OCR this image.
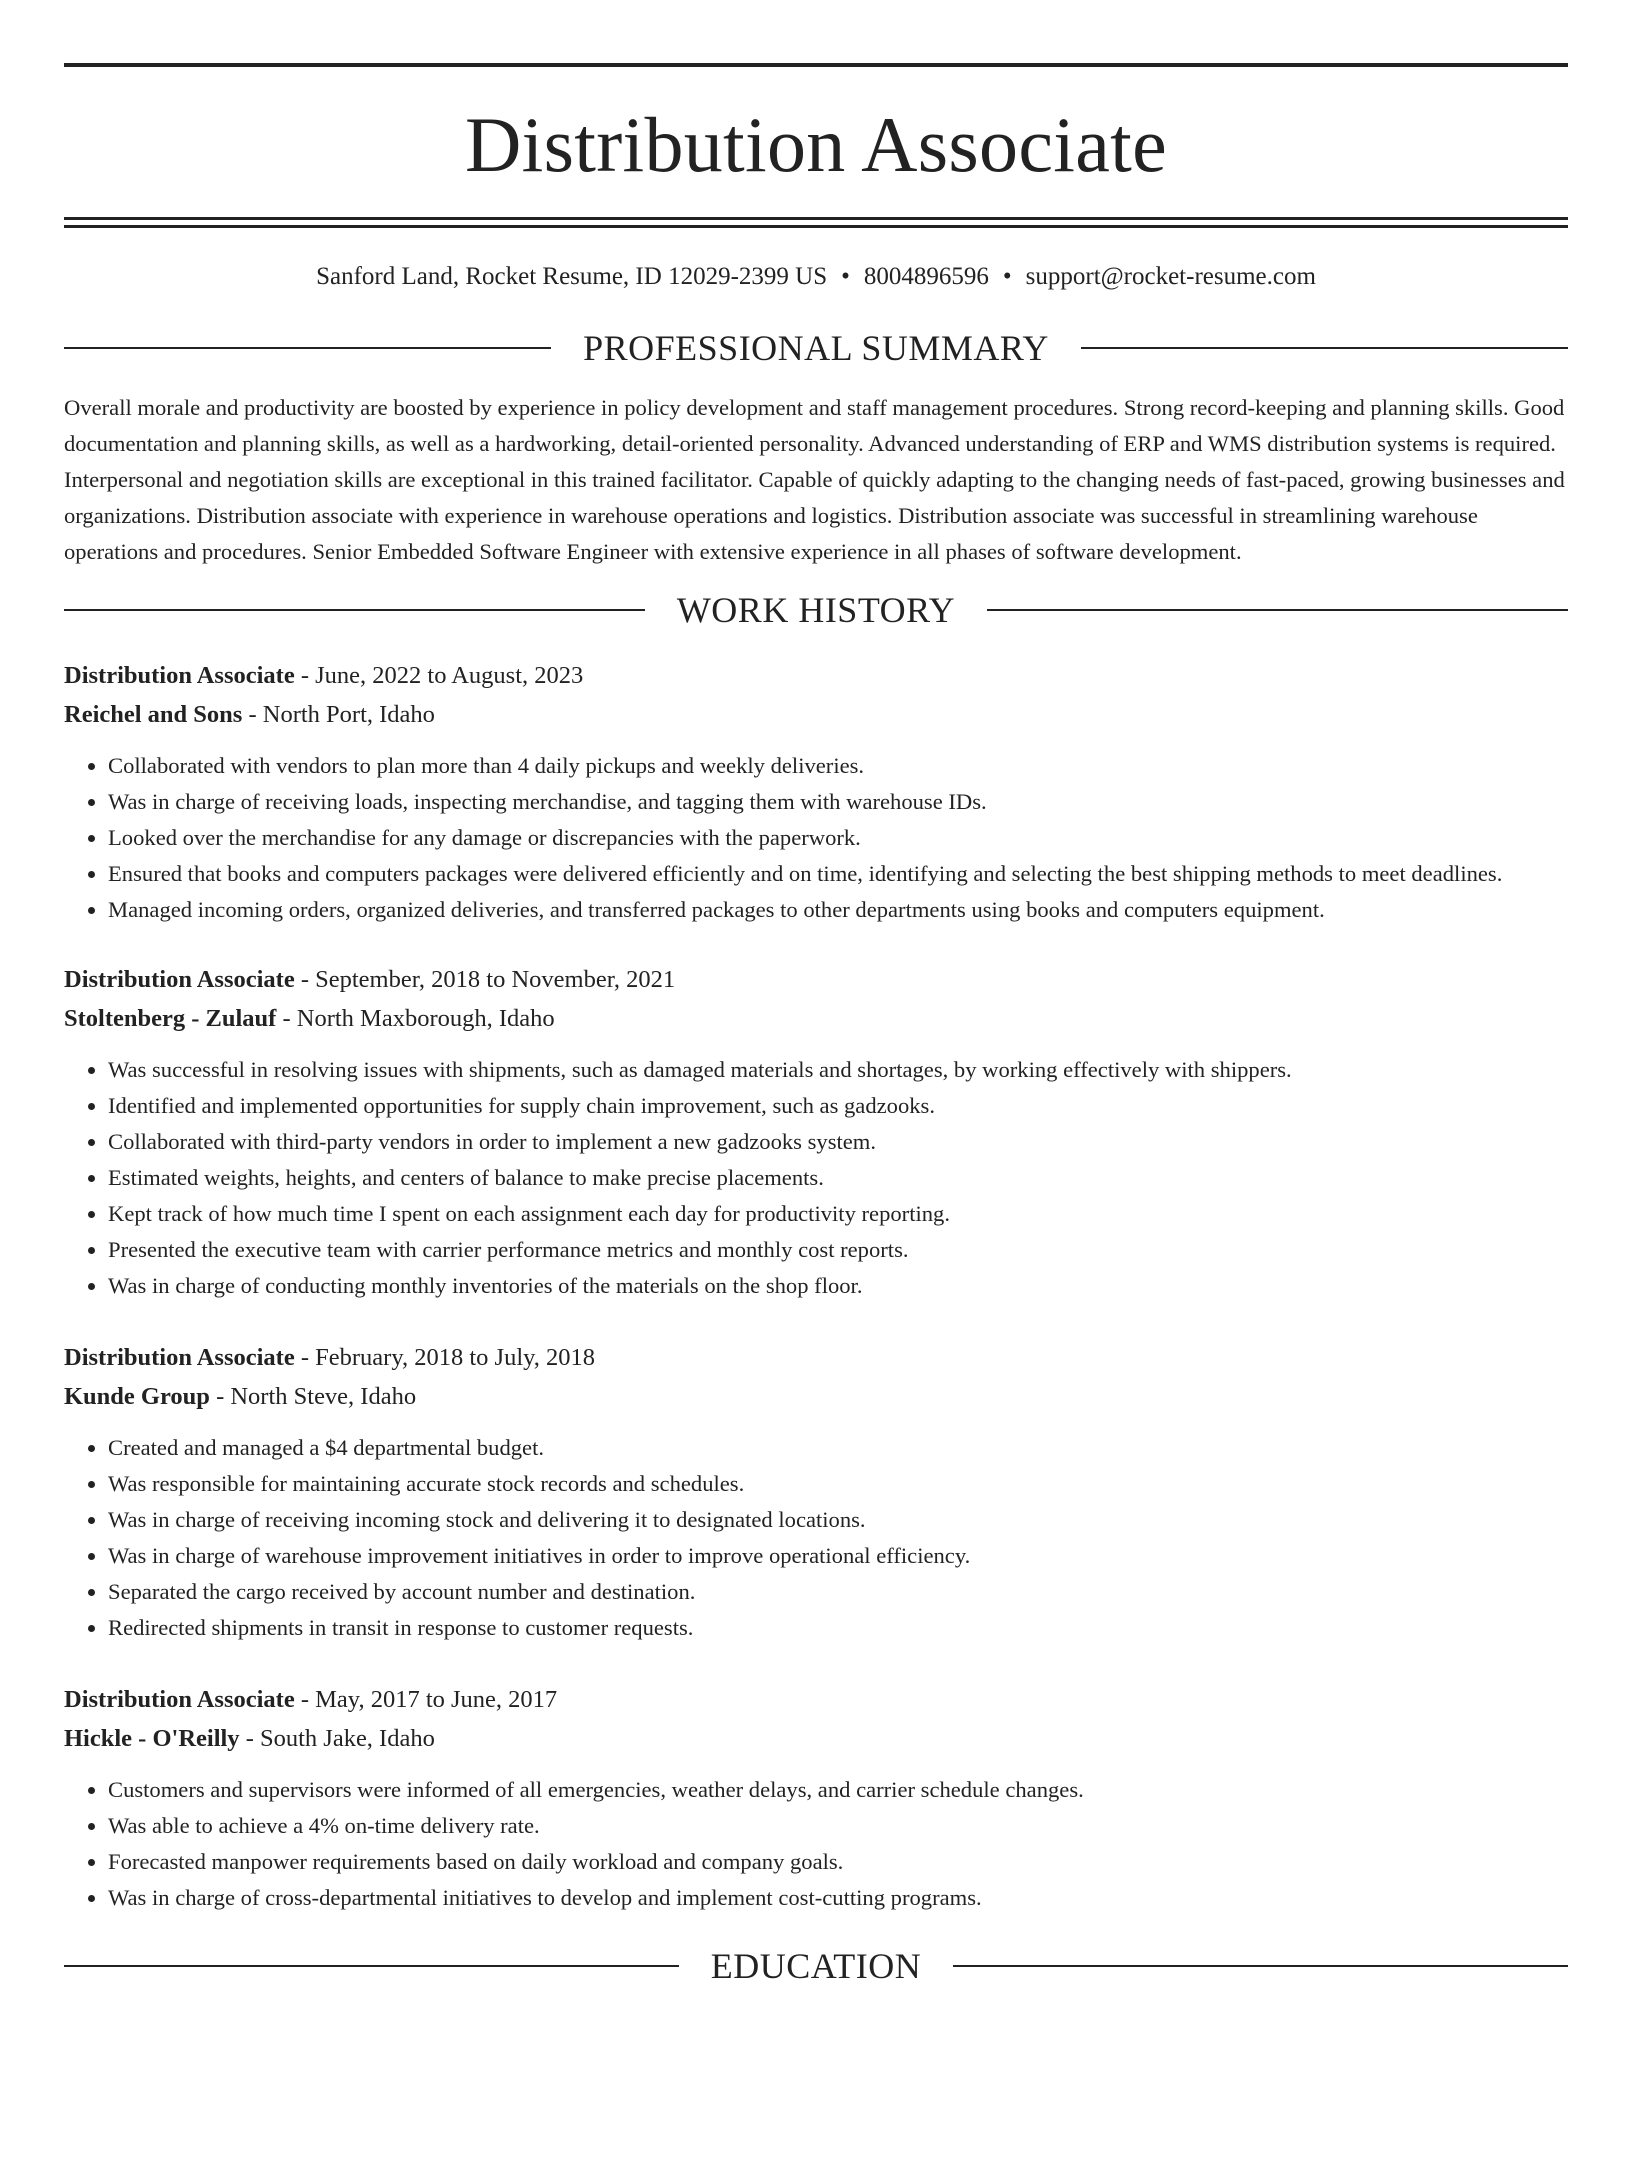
Distribution Associate
Sanford Land, Rocket Resume, ID 12029-2399 US • 8004896596 • support@rocket-resume.com
PROFESSIONAL SUMMARY
Overall morale and productivity are boosted by experience in policy development and staff management procedures. Strong record-keeping and planning skills. Good documentation and planning skills, as well as a hardworking, detail-oriented personality. Advanced understanding of ERP and WMS distribution systems is required. Interpersonal and negotiation skills are exceptional in this trained facilitator. Capable of quickly adapting to the changing needs of fast-paced, growing businesses and organizations. Distribution associate with experience in warehouse operations and logistics. Distribution associate was successful in streamlining warehouse operations and procedures. Senior Embedded Software Engineer with extensive experience in all phases of software development.
WORK HISTORY
Distribution Associate - June, 2022 to August, 2023
Reichel and Sons - North Port, Idaho
• Collaborated with vendors to plan more than 4 daily pickups and weekly deliveries.
• Was in charge of receiving loads, inspecting merchandise, and tagging them with warehouse IDs.
• Looked over the merchandise for any damage or discrepancies with the paperwork.
• Ensured that books and computers packages were delivered efficiently and on time, identifying and selecting the best shipping methods to meet deadlines.
• Managed incoming orders, organized deliveries, and transferred packages to other departments using books and computers equipment.
Distribution Associate - September, 2018 to November, 2021
Stoltenberg - Zulauf - North Maxborough, Idaho
• Was successful in resolving issues with shipments, such as damaged materials and shortages, by working effectively with shippers.
• Identified and implemented opportunities for supply chain improvement, such as gadzooks.
• Collaborated with third-party vendors in order to implement a new gadzooks system.
• Estimated weights, heights, and centers of balance to make precise placements.
• Kept track of how much time I spent on each assignment each day for productivity reporting.
• Presented the executive team with carrier performance metrics and monthly cost reports.
• Was in charge of conducting monthly inventories of the materials on the shop floor.
Distribution Associate - February, 2018 to July, 2018
Kunde Group - North Steve, Idaho
• Created and managed a $4 departmental budget.
• Was responsible for maintaining accurate stock records and schedules.
• Was in charge of receiving incoming stock and delivering it to designated locations.
• Was in charge of warehouse improvement initiatives in order to improve operational efficiency.
• Separated the cargo received by account number and destination.
• Redirected shipments in transit in response to customer requests.
Distribution Associate - May, 2017 to June, 2017
Hickle - O'Reilly - South Jake, Idaho
• Customers and supervisors were informed of all emergencies, weather delays, and carrier schedule changes.
• Was able to achieve a 4% on-time delivery rate.
• Forecasted manpower requirements based on daily workload and company goals.
• Was in charge of cross-departmental initiatives to develop and implement cost-cutting programs.
EDUCATION
